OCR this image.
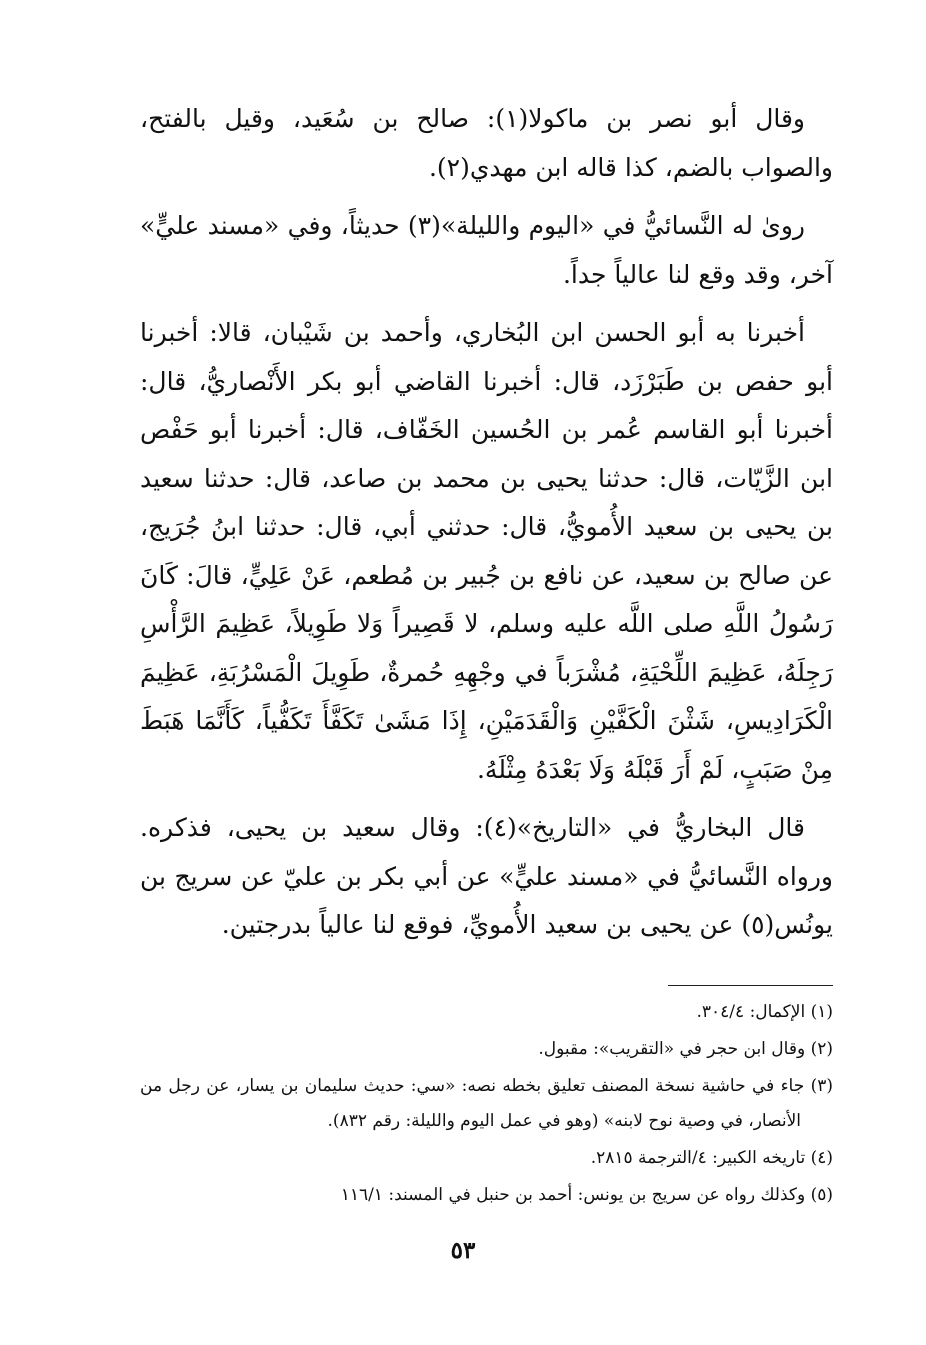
وقال أبو نصر بن ماكولا(١): صالح بن سُعَيد، وقيل بالفتح، والصواب بالضم، كذا قاله ابن مهدي(٢).

روىٰ له النَّسائيُّ في «اليوم والليلة»(٣) حديثاً، وفي «مسند عليٍّ» آخر، وقد وقع لنا عالياً جداً.

أخبرنا به أبو الحسن ابن البُخاري، وأحمد بن شَيْبان، قالا: أخبرنا أبو حفص بن طَبَرْزَد، قال: أخبرنا القاضي أبو بكر الأَنْصاريُّ، قال: أخبرنا أبو القاسم عُمر بن الحُسين الخَفّاف، قال: أخبرنا أبو حَفْص ابن الزَّيّات، قال: حدثنا يحيى بن محمد بن صاعد، قال: حدثنا سعيد بن يحيى بن سعيد الأُمويُّ، قال: حدثني أبي، قال: حدثنا ابنُ جُرَيج، عن صالح بن سعيد، عن نافع بن جُبير بن مُطعم، عَنْ عَلِيٍّ، قالَ: كَانَ رَسُولُ اللَّهِ صلى اللَّه عليه وسلم، لا قَصِيراً وَلا طَوِيلاً، عَظِيمَ الرَّأْسِ رَجِلَهُ، عَظِيمَ اللِّحْيَةِ، مُشْرَباً في وجْهِهِ حُمرةٌ، طَوِيلَ الْمَسْرُبَةِ، عَظِيمَ الْكَرَادِيسِ، شَثْنَ الْكَفَّيْنِ وَالْقَدَمَيْنِ، إِذَا مَشَىٰ تَكَفَّأَ تَكَفُّياً، كَأَنَّمَا هَبَطَ مِنْ صَبَبٍ، لَمْ أَرَ قَبْلَهُ وَلَا بَعْدَهُ مِثْلَهُ.

قال البخاريُّ في «التاريخ»(٤): وقال سعيد بن يحيى، فذكره. ورواه النَّسائيُّ في «مسند عليٍّ» عن أبي بكر بن عليّ عن سريج بن يونُس(٥) عن يحيى بن سعيد الأُمويِّ، فوقع لنا عالياً بدرجتين.

(١) الإكمال: ٣٠٤/٤.

(٢) وقال ابن حجر في «التقريب»: مقبول.

(٣) جاء في حاشية نسخة المصنف تعليق بخطه نصه: «سي: حديث سليمان بن يسار، عن رجل من الأنصار، في وصية نوح لابنه» (وهو في عمل اليوم والليلة: رقم ٨٣٢).

(٤) تاريخه الكبير: ٤/الترجمة ٢٨١٥.

(٥) وكذلك رواه عن سريج بن يونس: أحمد بن حنبل في المسند: ١١٦/١

٥٣
